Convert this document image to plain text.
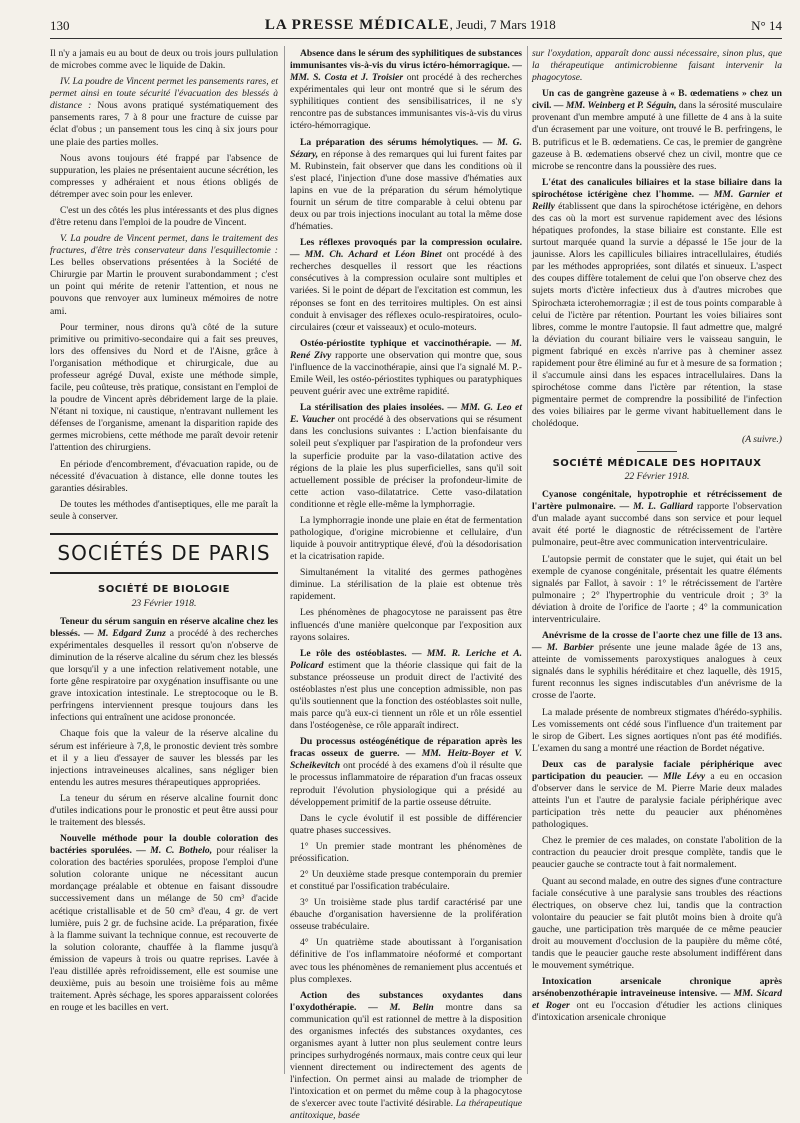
130	LA PRESSE MÉDICALE, Jeudi, 7 Mars 1918	N° 14

Il n'y a jamais eu au bout de deux ou trois jours pullulation de microbes comme avec le liquide de Dakin.

IV. La poudre de Vincent permet les pansements rares, et permet ainsi en toute sécurité l'évacuation des blessés à distance : Nous avons pratiqué systématiquement des pansements rares, 7 à 8 pour une fracture de cuisse par éclat d'obus ; un pansement tous les cinq à six jours pour une plaie des parties molles.

Nous avons toujours été frappé par l'absence de suppuration, les plaies ne présentaient aucune sécrétion, les compresses y adhéraient et nous étions obligés de détremper avec soin pour les enlever.

C'est un des côtés les plus intéressants et des plus dignes d'être retenu dans l'emploi de la poudre de Vincent.

V. La poudre de Vincent permet, dans le traitement des fractures, d'être très conservateur dans l'esquillectomie : Les belles observations présentées à la Société de Chirurgie par Martin le prouvent surabondamment ; c'est un point qui mérite de retenir l'attention, et nous ne pouvons que renvoyer aux lumineux mémoires de notre ami.

Pour terminer, nous dirons qu'à côté de la suture primitive ou primitivo-secondaire qui a fait ses preuves, lors des offensives du Nord et de l'Aisne, grâce à l'organisation méthodique et chirurgicale, due au professeur agrégé Duval, existe une méthode simple, facile, peu coûteuse, très pratique, consistant en l'emploi de la poudre de Vincent après débridement large de la plaie. N'étant ni toxique, ni caustique, n'entravant nullement les défenses de l'organisme, amenant la disparition rapide des germes microbiens, cette méthode me paraît devoir retenir l'attention des chirurgiens.

En période d'encombrement, d'évacuation rapide, ou de nécessité d'évacuation à distance, elle donne toutes les garanties désirables.

De toutes les méthodes d'antiseptiques, elle me paraît la seule à conserver.

SOCIÉTÉS DE PARIS
SOCIÉTÉ DE BIOLOGIE
23 Février 1918.

Teneur du sérum sanguin en réserve alcaline chez les blessés. — M. Edgard Zunz a procédé à des recherches expérimentales desquelles il ressort qu'on n'observe de diminution de la réserve alcaline du sérum chez les blessés que lorsqu'il y a une infection relativement notable, une forte gêne respiratoire par oxygénation insuffisante ou une grave intoxication intestinale. Le streptocoque ou le B. perfringens interviennent presque toujours dans les infections qui entraînent une acidose prononcée.

Chaque fois que la valeur de la réserve alcaline du sérum est inférieure à 7,8, le pronostic devient très sombre et il y a lieu d'essayer de sauver les blessés par les injections intraveineuses alcalines, sans négliger bien entendu les autres mesures thérapeutiques appropriées.

La teneur du sérum en réserve alcaline fournit donc d'utiles indications pour le pronostic et peut être aussi pour le traitement des blessés.

Nouvelle méthode pour la double coloration des bactéries sporulées. — M. C. Bothelo, pour réaliser la coloration des bactéries sporulées, propose l'emploi d'une solution colorante unique ne nécessitant aucun mordançage préalable et obtenue en faisant dissoudre successivement dans un mélange de 50 cm³ d'acide acétique cristallisable et de 50 cm³ d'eau, 4 gr. de vert lumière, puis 2 gr. de fuchsine acide. La préparation, fixée à la flamme suivant la technique connue, est recouverte de la solution colorante, chauffée à la flamme jusqu'à émission de vapeurs à trois ou quatre reprises. Lavée à l'eau distillée après refroidissement, elle est soumise une deuxième, puis au besoin une troisième fois au même traitement. Après séchage, les spores apparaissent colorées en rouge et les bacilles en vert.

Absence dans le sérum des syphilitiques de substances immunisantes vis-à-vis du virus ictéro-hémorragique. — MM. S. Costa et J. Troisier ont procédé à des recherches expérimentales qui leur ont montré que si le sérum des syphilitiques contient des sensibilisatrices, il ne s'y rencontre pas de substances immunisantes vis-à-vis du virus ictéro-hémorragique.

La préparation des sérums hémolytiques. — M. G. Sézary, en réponse à des remarques qui lui furent faites par M. Rubinstein, fait observer que dans les conditions où il s'est placé, l'injection d'une dose massive d'hématies aux lapins en vue de la préparation du sérum hémolytique fournit un sérum de titre comparable à celui obtenu par deux ou par trois injections inoculant au total la même dose d'hématies.

Les réflexes provoqués par la compression oculaire. — MM. Ch. Achard et Léon Binet ont procédé à des recherches desquelles il ressort que les réactions consécutives à la compression oculaire sont multiples et variées. Si le point de départ de l'excitation est commun, les réponses se font en des territoires multiples. On est ainsi conduit à envisager des réflexes oculo-respiratoires, oculo-circulaires (cœur et vaisseaux) et oculo-moteurs.

Ostéo-périostite typhique et vaccinothérapie. — M. René Zivy rapporte une observation qui montre que, sous l'influence de la vaccinothérapie, ainsi que l'a signalé M. P.-Emile Weil, les ostéo-périostites typhiques ou paratyphiques peuvent guérir avec une extrême rapidité.

La stérilisation des plaies insolées. — MM. G. Leo et E. Vaucher ont procédé à des observations qui se résument dans les conclusions suivantes : L'action bienfaisante du soleil peut s'expliquer par l'aspiration de la profondeur vers la superficie produite par la vaso-dilatation active des régions de la plaie les plus superficielles, sans qu'il soit actuellement possible de préciser la profondeur-limite de cette action vaso-dilatatrice. Cette vaso-dilatation conditionne et règle elle-même la lymphorragie.

La lymphorragie inonde une plaie en état de fermentation pathologique, d'origine microbienne et cellulaire, d'un liquide à pouvoir antitryptique élevé, d'où la désodorisation et la cicatrisation rapide.

Simultanément la vitalité des germes pathogènes diminue. La stérilisation de la plaie est obtenue très rapidement.

Les phénomènes de phagocytose ne paraissent pas être influencés d'une manière quelconque par l'exposition aux rayons solaires.

Le rôle des ostéoblastes. — MM. R. Leriche et A. Policard estiment que la théorie classique qui fait de la substance préosseuse un produit direct de l'activité des ostéoblastes n'est plus une conception admissible, non pas qu'ils soutiennent que la fonction des ostéoblastes soit nulle, mais parce qu'à eux-ci tiennent un rôle et un rôle essentiel dans l'ostéogenèse, ce rôle apparaît indirect.

Du processus ostéogénétique de réparation après les fracas osseux de guerre. — MM. Heitz-Boyer et V. Scheikevitch ont procédé à des examens d'où il résulte que le processus inflammatoire de réparation d'un fracas osseux reproduit l'évolution physiologique qui a présidé au développement primitif de la partie osseuse détruite.

Dans le cycle évolutif il est possible de différencier quatre phases successives.

1° Un premier stade montrant les phénomènes de préossification.

2° Un deuxième stade presque contemporain du premier et constitué par l'ossification trabéculaire.

3° Un troisième stade plus tardif caractérisé par une ébauche d'organisation haversienne de la prolifération osseuse trabéculaire.

4° Un quatrième stade aboutissant à l'organisation définitive de l'os inflammatoire néoformé et comportant avec tous les phénomènes de remaniement plus accentués et plus complexes.

Action des substances oxydantes dans l'oxydothérapie. — M. Belin montre dans sa communication qu'il est rationnel de mettre à la disposition des organismes infectés des substances oxydantes, ces organismes ayant à lutter non plus seulement contre leurs principes surhydrogénés normaux, mais contre ceux qui leur viennent directement ou indirectement des agents de l'infection. On permet ainsi au malade de triompher de l'intoxication et on permet du même coup à la phagocytose de s'exercer avec toute l'activité désirable. La thérapeutique antitoxique, basée

sur l'oxydation, apparaît donc aussi nécessaire, sinon plus, que la thérapeutique antimicrobienne faisant intervenir la phagocytose.

Un cas de gangrène gazeuse à « B. œdematiens » chez un civil. — MM. Weinberg et P. Séguin, dans la sérosité musculaire provenant d'un membre amputé à une fillette de 4 ans à la suite d'un écrasement par une voiture, ont trouvé le B. perfringens, le B. putrificus et le B. œdematiens. Ce cas, le premier de gangrène gazeuse à B. œdematiens observé chez un civil, montre que ce microbe se rencontre dans la poussière des rues.

L'état des canalicules biliaires et la stase biliaire dans la spirochétose ictérigène chez l'homme. — MM. Garnier et Reilly établissent que dans la spirochétose ictérigène, en dehors des cas où la mort est survenue rapidement avec des lésions hépatiques profondes, la stase biliaire est constante. Elle est surtout marquée quand la survie a dépassé le 15e jour de la jaunisse. Alors les capillicules biliaires intracellulaires, étudiés par les méthodes appropriées, sont dilatés et sinueux. L'aspect des coupes diffère totalement de celui que l'on observe chez des sujets morts d'ictère infectieux dus à d'autres microbes que Spirochæta icterohemorragiæ ; il est de tous points comparable à celui de l'ictère par rétention. Pourtant les voies biliaires sont libres, comme le montre l'autopsie. Il faut admettre que, malgré la déviation du courant biliaire vers le vaisseau sanguin, le pigment fabriqué en excès n'arrive pas à cheminer assez rapidement pour être éliminé au fur et à mesure de sa formation ; il s'accumule ainsi dans les espaces intracellulaires. Dans la spirochétose comme dans l'ictère par rétention, la stase pigmentaire permet de comprendre la possibilité de l'infection des voies biliaires par le germe vivant habituellement dans le cholédoque.

(A suivre.)

SOCIÉTÉ MÉDICALE DES HOPITAUX
22 Février 1918.

Cyanose congénitale, hypotrophie et rétrécissement de l'artère pulmonaire. — M. L. Galliard rapporte l'observation d'un malade ayant succombé dans son service et pour lequel avait été porté le diagnostic de rétrécissement de l'artère pulmonaire, peut-être avec communication interventriculaire.

L'autopsie permit de constater que le sujet, qui était un bel exemple de cyanose congénitale, présentait les quatre éléments signalés par Fallot, à savoir : 1° le rétrécissement de l'artère pulmonaire ; 2° l'hypertrophie du ventricule droit ; 3° la déviation à droite de l'orifice de l'aorte ; 4° la communication interventriculaire.

Anévrisme de la crosse de l'aorte chez une fille de 13 ans. — M. Barbier présente une jeune malade âgée de 13 ans, atteinte de vomissements paroxystiques analogues à ceux signalés dans le syphilis héréditaire et chez laquelle, dès 1915, furent reconnus les signes indiscutables d'un anévrisme de la crosse de l'aorte.

La malade présente de nombreux stigmates d'hérédo-syphilis. Les vomissements ont cédé sous l'influence d'un traitement par le sirop de Gibert. Les signes aortiques n'ont pas été modifiés. L'examen du sang a montré une réaction de Bordet négative.

Deux cas de paralysie faciale périphérique avec participation du peaucier. — Mlle Lévy a eu en occasion d'observer dans le service de M. Pierre Marie deux malades atteints l'un et l'autre de paralysie faciale périphérique avec participation très nette du peaucier aux phénomènes pathologiques.

Chez le premier de ces malades, on constate l'abolition de la contraction du peaucier droit presque complète, tandis que le peaucier gauche se contracte tout à fait normalement.

Quant au second malade, en outre des signes d'une contracture faciale consécutive à une paralysie sans troubles des réactions électriques, on observe chez lui, tandis que la contraction volontaire du peaucier se fait plutôt moins bien à droite qu'à gauche, une participation très marquée de ce même peaucier droit au mouvement d'occlusion de la paupière du même côté, tandis que le peaucier gauche reste absolument indifférent dans le mouvement symétrique.

Intoxication arsenicale chronique après arsénobenzothérapie intraveineuse intensive. — MM. Sicard et Roger ont eu l'occasion d'étudier les actions cliniques d'intoxication arsenicale chronique
